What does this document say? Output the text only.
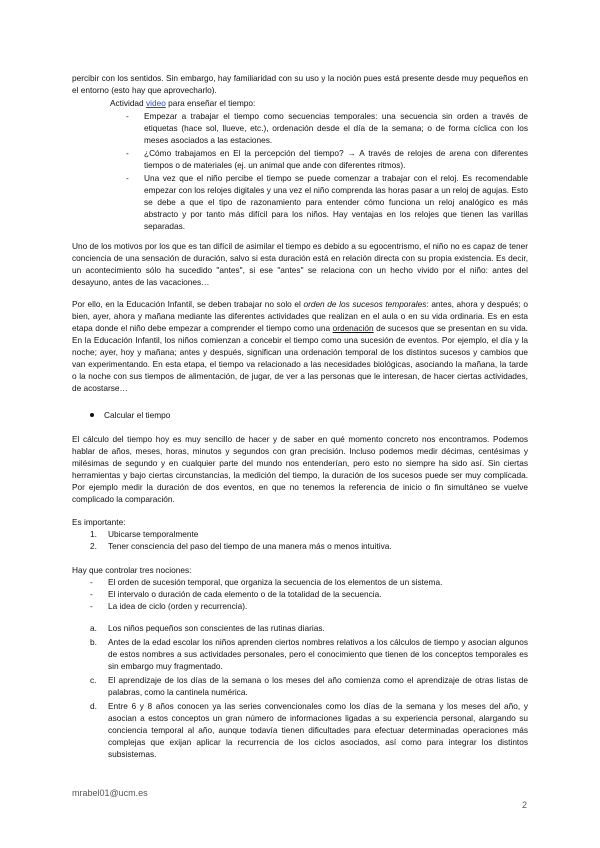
percibir con los sentidos. Sin embargo, hay familiaridad con su uso y la noción pues está presente desde muy pequeños en el entorno (esto hay que aprovecharlo).

Actividad video para enseñar el tiempo:
- Empezar a trabajar el tiempo como secuencias temporales: una secuencia sin orden a través de etiquetas (hace sol, llueve, etc.), ordenación desde el día de la semana; o de forma cíclica con los meses asociados a las estaciones.
- ¿Cómo trabajamos en El la percepción del tiempo? → A través de relojes de arena con diferentes tiempos o de materiales (ej. un animal que ande con diferentes ritmos).
- Una vez que el niño percibe el tiempo se puede comenzar a trabajar con el reloj. Es recomendable empezar con los relojes digitales y una vez el niño comprenda las horas pasar a un reloj de agujas. Esto se debe a que el tipo de razonamiento para entender cómo funciona un reloj analógico es más abstracto y por tanto más difícil para los niños. Hay ventajas en los relojes que tienen las varillas separadas.

Uno de los motivos por los que es tan difícil de asimilar el tiempo es debido a su egocentrismo, el niño no es capaz de tener conciencia de una sensación de duración, salvo si esta duración está en relación directa con su propia existencia. Es decir, un acontecimiento sólo ha sucedido "antes", si ese "antes" se relaciona con un hecho vivido por el niño: antes del desayuno, antes de las vacaciones…

Por ello, en la Educación Infantil, se deben trabajar no solo el orden de los sucesos temporales: antes, ahora y después; o bien, ayer, ahora y mañana mediante las diferentes actividades que realizan en el aula o en su vida ordinaria. Es en esta etapa donde el niño debe empezar a comprender el tiempo como una ordenación de sucesos que se presentan en su vida. En la Educación Infantil, los niños comienzan a concebir el tiempo como una sucesión de eventos. Por ejemplo, el día y la noche; ayer, hoy y mañana; antes y después, significan una ordenación temporal de los distintos sucesos y cambios que van experimentando. En esta etapa, el tiempo va relacionado a las necesidades biológicas, asociando la mañana, la tarde o la noche con sus tiempos de alimentación, de jugar, de ver a las personas que le interesan, de hacer ciertas actividades, de acostarse…

Calcular el tiempo

El cálculo del tiempo hoy es muy sencillo de hacer y de saber en qué momento concreto nos encontramos. Podemos hablar de años, meses, horas, minutos y segundos con gran precisión. Incluso podemos medir décimas, centésimas y milésimas de segundo y en cualquier parte del mundo nos entenderían, pero esto no siempre ha sido así. Sin ciertas herramientas y bajo ciertas circunstancias, la medición del tiempo, la duración de los sucesos puede ser muy complicada. Por ejemplo medir la duración de dos eventos, en que no tenemos la referencia de inicio o fin simultáneo se vuelve complicado la comparación.

Es importante:

1. Ubicarse temporalmente
2. Tener consciencia del paso del tiempo de una manera más o menos intuitiva.

Hay que controlar tres nociones:

- El orden de sucesión temporal, que organiza la secuencia de los elementos de un sistema.
- El intervalo o duración de cada elemento o de la totalidad de la secuencia.
- La idea de ciclo (orden y recurrencia).
a. Los niños pequeños son conscientes de las rutinas diarias.
b. Antes de la edad escolar los niños aprenden ciertos nombres relativos a los cálculos de tiempo y asocian algunos de estos nombres a sus actividades personales, pero el conocimiento que tienen de los conceptos temporales es sin embargo muy fragmentado.
c. El aprendizaje de los días de la semana o los meses del año comienza como el aprendizaje de otras listas de palabras, como la cantinela numérica.
d. Entre 6 y 8 años conocen ya las series convencionales como los días de la semana y los meses del año, y asocian a estos conceptos un gran número de informaciones ligadas a su experiencia personal, alargando su conciencia temporal al año, aunque todavía tienen dificultades para efectuar determinadas operaciones más complejas que exijan aplicar la recurrencia de los ciclos asociados, así como para integrar los distintos subsistemas.
mrabel01@ucm.es
2
